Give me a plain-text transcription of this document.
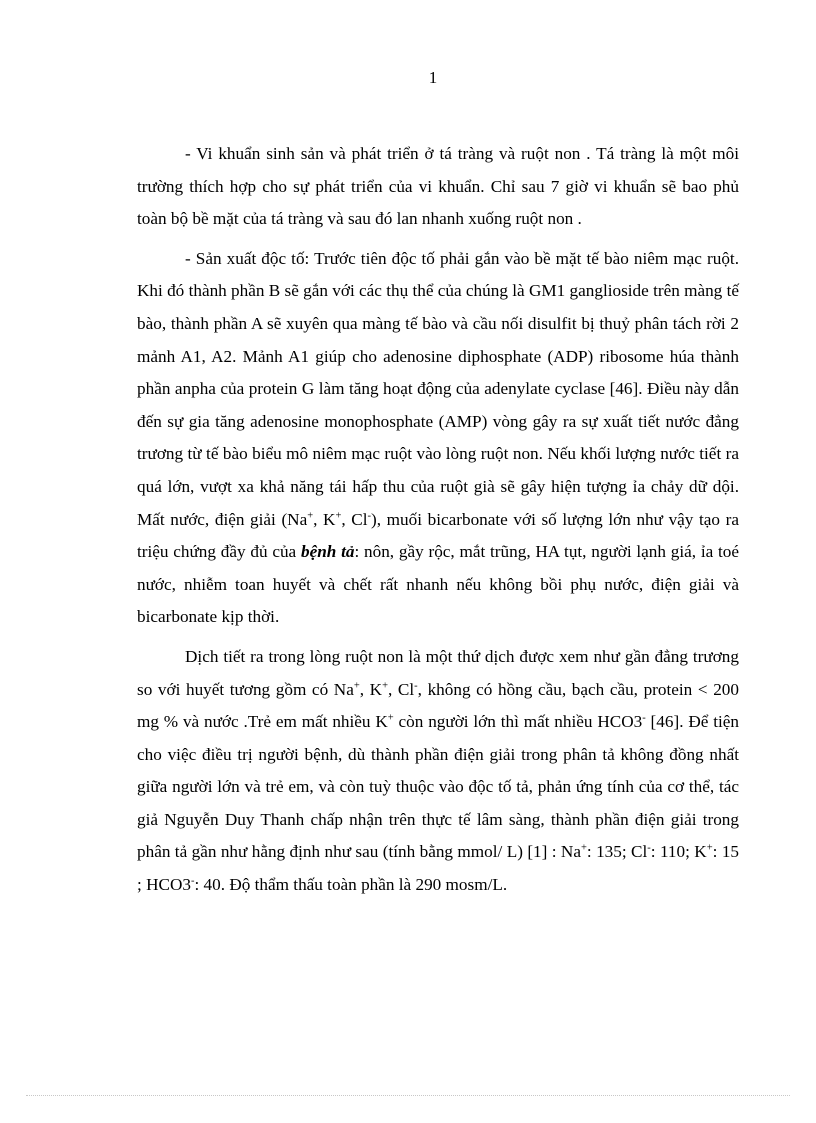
1

- Vi khuẩn sinh sản và phát triển ở tá tràng và ruột non . Tá tràng là một môi trường thích hợp cho sự phát triển của vi khuẩn. Chỉ sau 7 giờ vi khuẩn sẽ bao phủ toàn bộ bề mặt của tá tràng và sau đó lan nhanh xuống ruột non .

- Sản xuất độc tố: Trước tiên độc tố phải gắn vào bề mặt tế bào niêm mạc ruột. Khi đó thành phần B sẽ gắn với các thụ thể của chúng là GM1 ganglioside trên màng tế bào, thành phần A sẽ xuyên qua màng tế bào và cầu nối disulfit bị thuỷ phân tách rời 2 mảnh A1, A2. Mảnh A1 giúp cho adenosine diphosphate (ADP) ribosome húa thành phần anpha của protein G làm tăng hoạt động của adenylate cyclase [46]. Điều này dẫn đến sự gia tăng adenosine monophosphate (AMP) vòng gây ra sự xuất tiết nước đẳng trương từ tế bào biểu mô niêm mạc ruột vào lòng ruột non. Nếu khối lượng nước tiết ra quá lớn, vượt xa khả năng tái hấp thu của ruột già sẽ gây hiện tượng ỉa chảy dữ dội. Mất nước, điện giải (Na+, K+, Cl-), muối bicarbonate với số lượng lớn như vậy tạo ra triệu chứng đầy đủ của bệnh tả: nôn, gầy rộc, mắt trũng, HA tụt, người lạnh giá, ỉa toé nước, nhiễm toan huyết và chết rất nhanh nếu không bồi phụ nước, điện giải và bicarbonate kịp thời.

Dịch tiết ra trong lòng ruột non là một thứ dịch được xem như gần đẳng trương so với huyết tương gồm có Na+, K+, Cl-, không có hồng cầu, bạch cầu, protein < 200 mg % và nước .Trẻ em mất nhiều K+ còn người lớn thì mất nhiều HCO3- [46]. Để tiện cho việc điều trị người bệnh, dù thành phần điện giải trong phân tả không đồng nhất giữa người lớn và trẻ em, và còn tuỳ thuộc vào độc tố tả, phản ứng tính của cơ thể, tác giả Nguyễn Duy Thanh chấp nhận trên thực tế lâm sàng, thành phần điện giải trong phân tả gần như hằng định như sau (tính bằng mmol/ L) [1] : Na+: 135; Cl-: 110; K+: 15 ; HCO3-: 40. Độ thẩm thấu toàn phần là 290 mosm/L.
